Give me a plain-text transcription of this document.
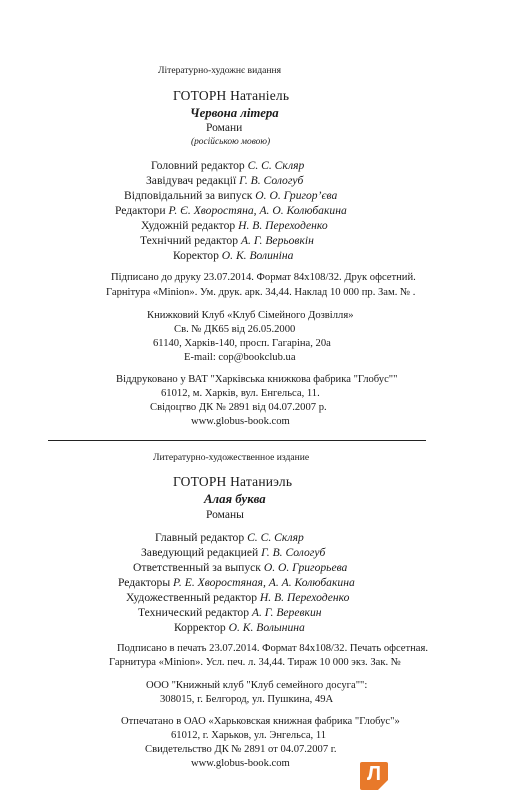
Літературно-художнє видання
ГОТОРН Натаніель
Червона літера
Романи
(російською мовою)
Головний редактор С. С. Скляр
Завідувач редакції Г. В. Сологуб
Відповідальний за випуск О. О. Григор’єва
Редактори Р. Є. Хворостяна, А. О. Колюбакина
Художній редактор Н. В. Переходенко
Технічний редактор А. Г. Верьовкін
Коректор О. К. Волиніна
Підписано до друку 23.07.2014. Формат 84x108/32. Друк офсетний.
Гарнітура «Minion». Ум. друк. арк. 34,44. Наклад 10 000 пр. Зам. № .
Книжковий Клуб «Клуб Сімейного Дозвілля»
Св. № ДК65 від 26.05.2000
61140, Харків-140, просп. Гагаріна, 20а
E-mail: cop@bookclub.ua
Віддруковано у ВАТ "Харківська книжкова фабрика "Глобус""
61012, м. Харків, вул. Енгельса, 11.
Свідоцтво ДК № 2891 від 04.07.2007 р.
www.globus-book.com
Литературно-художественное издание
ГОТОРН Натаниэль
Алая буква
Романы
Главный редактор С. С. Скляр
Заведующий редакцией Г. В. Сологуб
Ответственный за выпуск О. О. Григорьева
Редакторы Р. Е. Хворостяная, А. А. Колюбакина
Художественный редактор Н. В. Переходенко
Технический редактор А. Г. Веревкин
Корректор О. К. Волынина
Подписано в печать 23.07.2014. Формат 84x108/32. Печать офсетная.
Гарнитура «Minion». Усл. печ. л. 34,44. Тираж 10 000 экз. Зак. №
ООО "Книжный клуб "Клуб семейного досуга"":
308015, г. Белгород, ул. Пушкина, 49А
Отпечатано в ОАО «Харьковская книжная фабрика "Глобус"»
61012, г. Харьков, ул. Энгельса, 11
Свидетельство ДК № 2891 от 04.07.2007 г.
www.globus-book.com	Л
